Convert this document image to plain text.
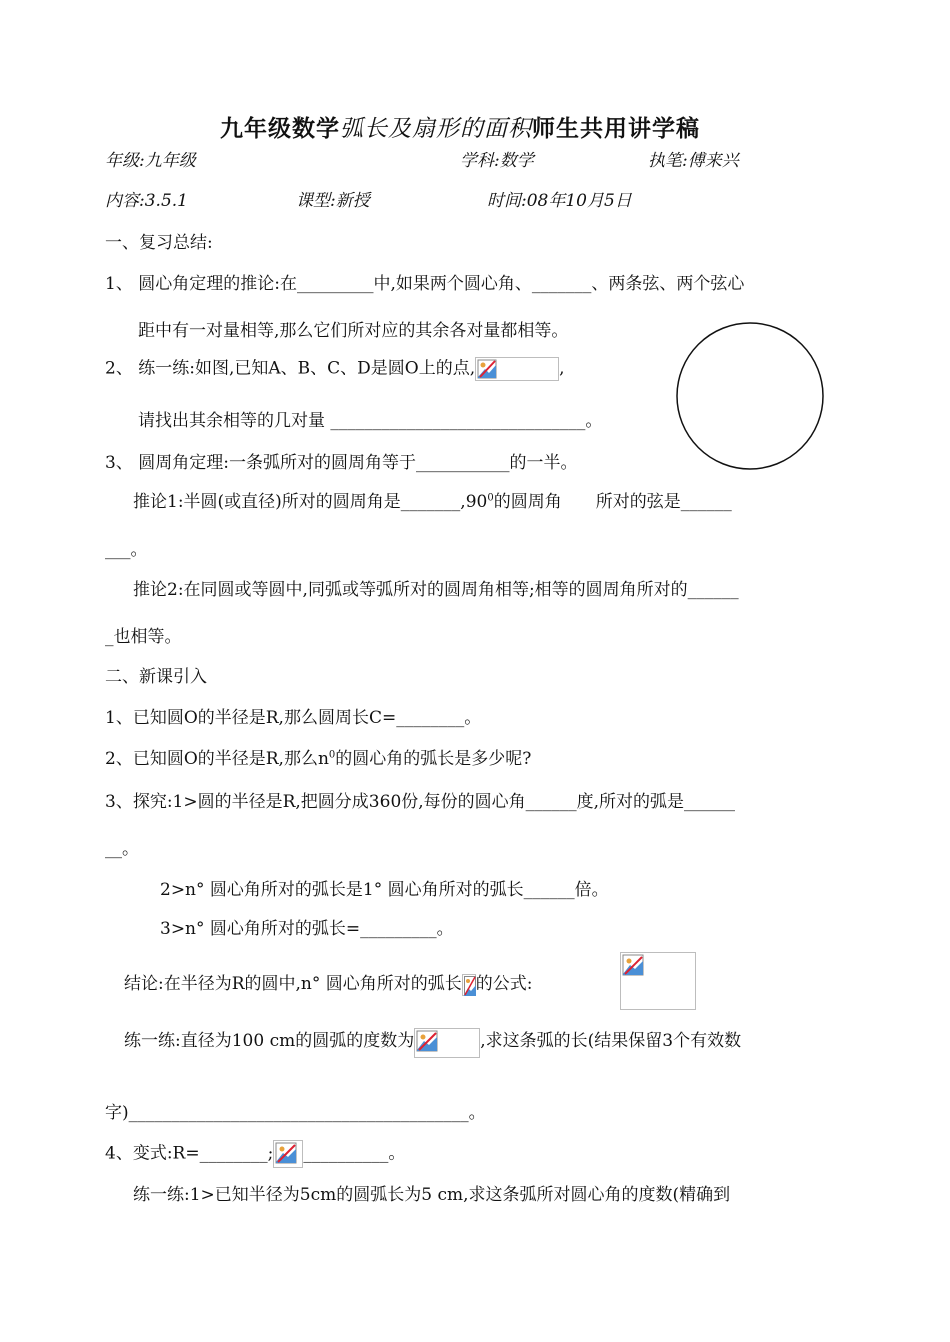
九年级数学弧长及扇形的面积师生共用讲学稿
年级:九年级	学科:数学	执笔:傅来兴
内容:3.5.1	课型:新授	时间:08年10月5日
一、复习总结:
1、 圆心角定理的推论:在_________中,如果两个圆心角、_______、两条弦、两个弦心
距中有一对量相等,那么它们所对应的其余各对量都相等。
2、 练一练:如图,已知A、B、C、D是圆O上的点,	,
请找出其余相等的几对量 ______________________________。
3、 圆周角定理:一条弧所对的圆周角等于___________的一半。
推论1:半圆(或直径)所对的圆周角是$\_\_\_\_\_\_\_,90^0$的圆周角　　所对的弦是______
___。
推论2:在同圆或等圆中,同弧或等弧所对的圆周角相等;相等的圆周角所对的______
_也相等。
二、新课引入
1、已知圆O的半径是R,那么圆周长C=________。
2、已知圆O的半径是R,那么$n^0$的圆心角的弧长是多少呢?
3、探究:1>圆的半径是R,把圆分成360份,每份的圆心角______度,所对的弧是______
__。
2>n° 圆心角所对的弧长是1° 圆心角所对的弧长______倍。
3>n° 圆心角所对的弧长=_________。
结论:在半径为R的圆中,n° 圆心角所对的弧长 的公式:
练一练:直径为100 cm的圆弧的度数为	,求这条弧的长(结果保留3个有效数
字)________________________________________。
4、变式:R=________; __________。
练一练:1>已知半径为5cm的圆弧长为5 cm,求这条弧所对圆心角的度数(精确到
